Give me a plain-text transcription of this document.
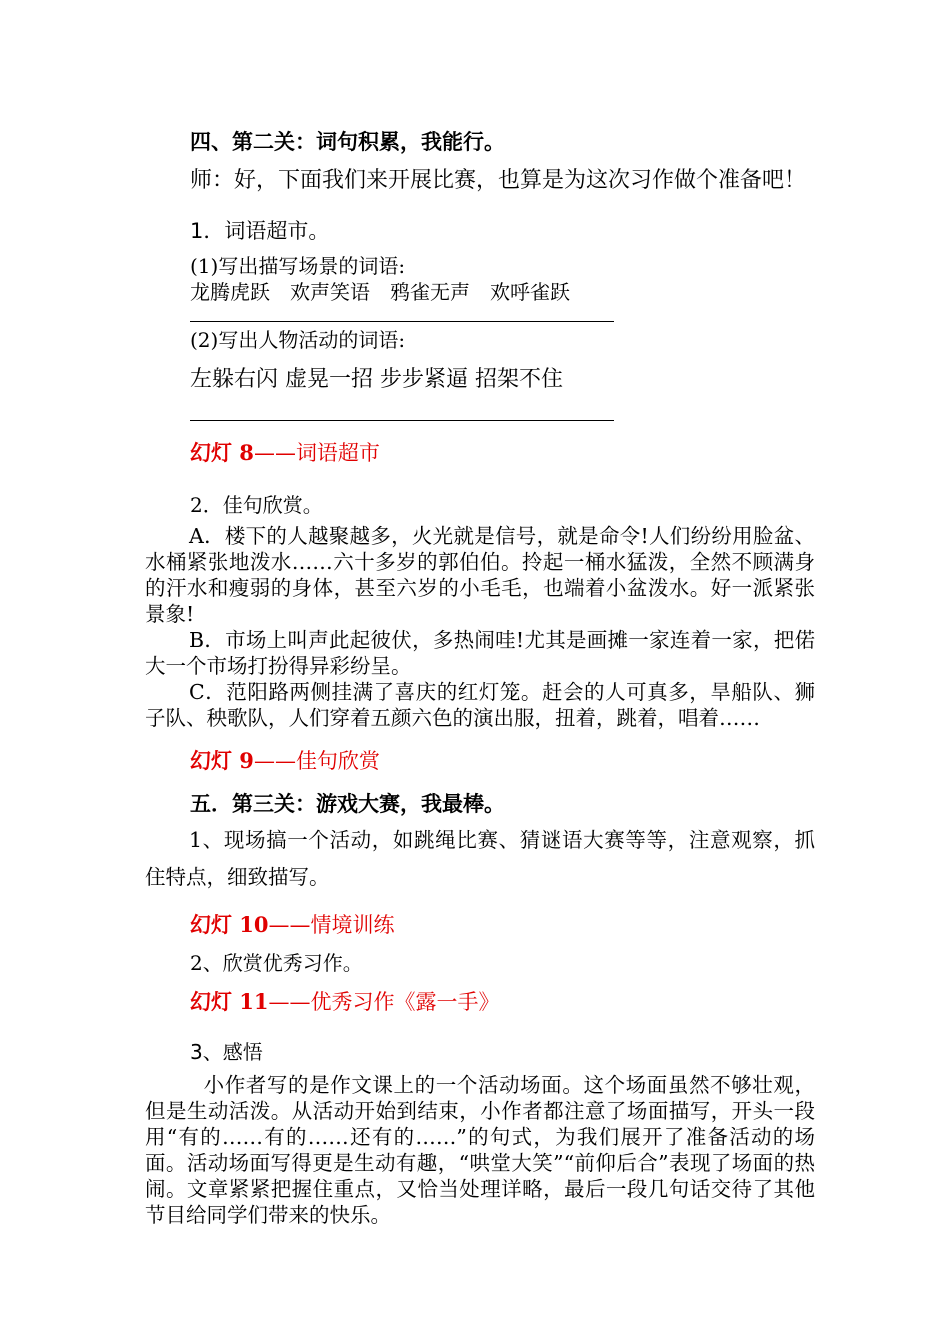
四、第二关：词句积累，我能行。
师：好，下面我们来开展比赛，也算是为这次习作做个准备吧！
1．词语超市。
(1)写出描写场景的词语:
龙腾虎跃　欢声笑语　鸦雀无声　欢呼雀跃
(2)写出人物活动的词语:
左躲右闪 虚晃一招 步步紧逼 招架不住
幻灯 8——词语超市
2．佳句欣赏。
A．楼下的人越聚越多，火光就是信号，就是命令!人们纷纷用脸盆、水桶紧张地泼水……六十多岁的郭伯伯。拎起一桶水猛泼，全然不顾满身的汗水和瘦弱的身体，甚至六岁的小毛毛，也端着小盆泼水。好一派紧张景象!
B．市场上叫声此起彼伏，多热闹哇!尤其是画摊一家连着一家，把偌大一个市场打扮得异彩纷呈。
C．范阳路两侧挂满了喜庆的红灯笼。赶会的人可真多，旱船队、狮子队、秧歌队，人们穿着五颜六色的演出服，扭着，跳着，唱着……
幻灯 9——佳句欣赏
五．第三关：游戏大赛，我最棒。
1、现场搞一个活动，如跳绳比赛、猜谜语大赛等等，注意观察，抓住特点，细致描写。
幻灯 10——情境训练
2、欣赏优秀习作。
幻灯 11——优秀习作《露一手》
3、感悟
小作者写的是作文课上的一个活动场面。这个场面虽然不够壮观，但是生动活泼。从活动开始到结束，小作者都注意了场面描写，开头一段用“有的……有的……还有的……”的句式，为我们展开了准备活动的场面。活动场面写得更是生动有趣，“哄堂大笑”“前仰后合”表现了场面的热闹。文章紧紧把握住重点，又恰当处理详略，最后一段几句话交待了其他节目给同学们带来的快乐。
